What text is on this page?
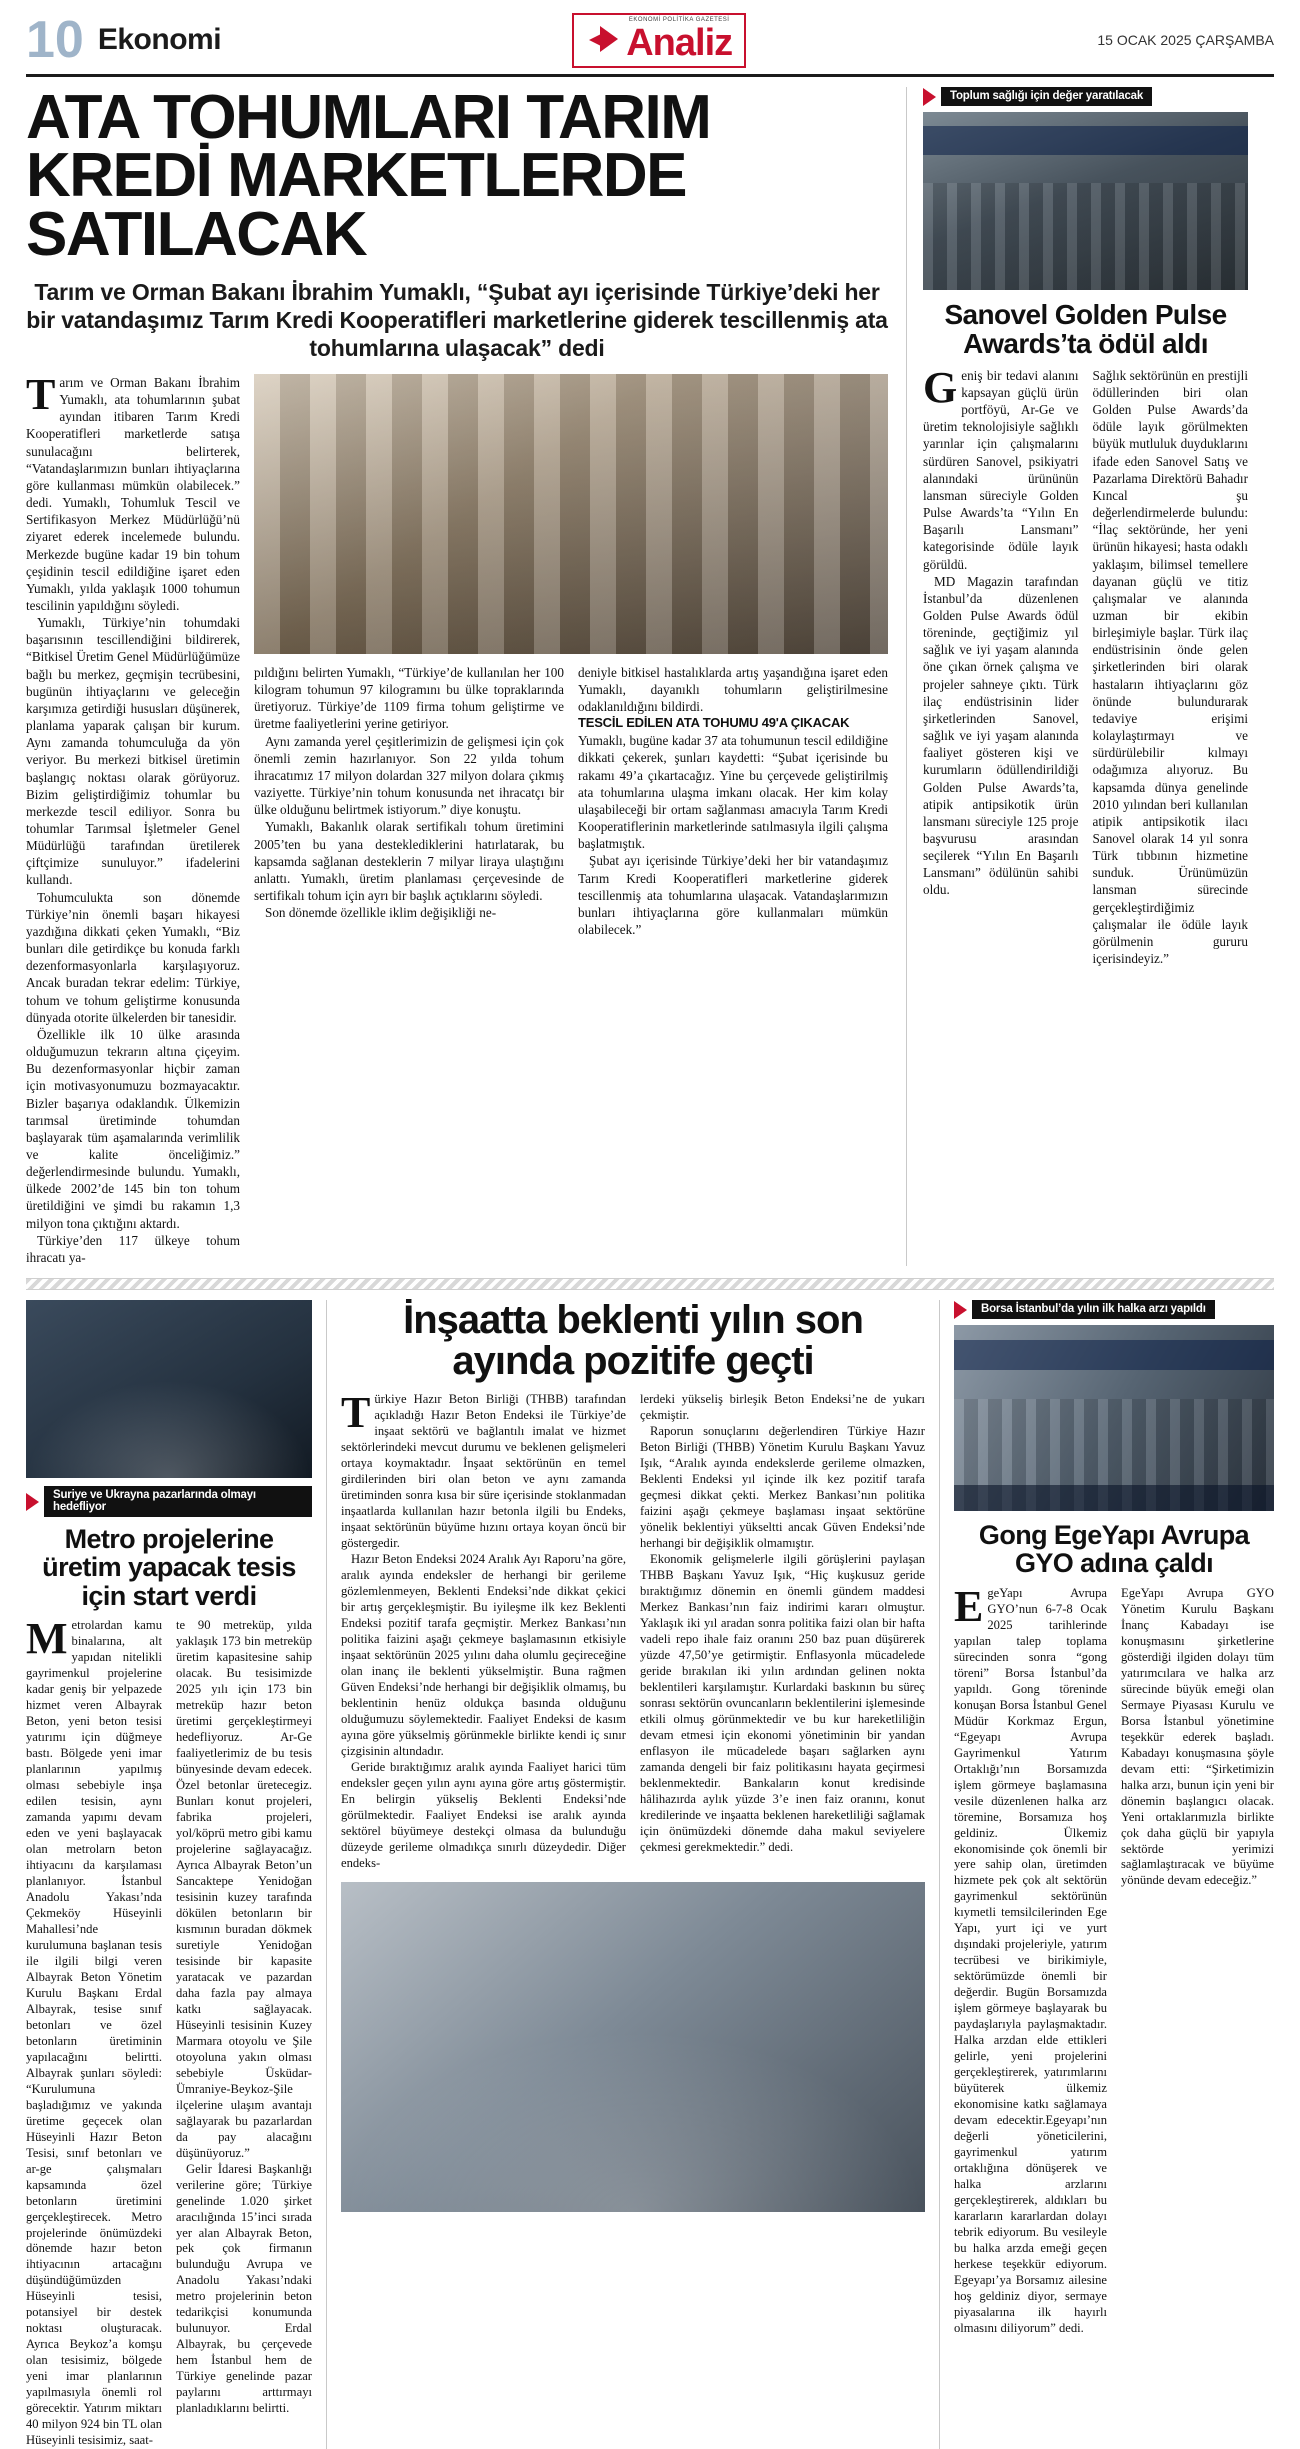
10 Ekonomi
EKONOMİ POLİTİKA GAZETESİ
Analiz	15 OCAK 2025 ÇARŞAMBA
ATA TOHUMLARI TARIM KREDİ MARKETLERDE SATILACAK
Tarım ve Orman Bakanı İbrahim Yumaklı, “Şubat ayı içerisinde Türkiye’deki her bir vatandaşımız Tarım Kredi Kooperatifleri marketlerine giderek tescillenmiş ata tohumlarına ulaşacak” dedi

Tarım ve Orman Bakanı İbrahim Yumaklı, ata tohumlarının şubat ayından itibaren Tarım Kredi Kooperatifleri marketlerde satışa sunulacağını belirterek, “Vatandaşlarımızın bunları ihtiyaçlarına göre kullanması mümkün olabilecek.” dedi. Yumaklı, Tohumluk Tescil ve Sertifikasyon Merkez Müdürlüğü’nü ziyaret ederek incelemede bulundu. Merkezde bugüne kadar 19 bin tohum çeşidinin tescil edildiğine işaret eden Yumaklı, yılda yaklaşık 1000 tohumun tescilinin yapıldığını söyledi.

Yumaklı, Türkiye’nin tohumdaki başarısının tescillendiğini bildirerek, “Bitkisel Üretim Genel Müdürlüğümüze bağlı bu merkez, geçmişin tecrübesini, bugünün ihtiyaçlarını ve geleceğin karşımıza getirdiği hususları düşünerek, planlama yaparak çalışan bir kurum. Aynı zamanda tohumculuğa da yön veriyor. Bu merkezi bitkisel üretimin başlangıç noktası olarak görüyoruz. Bizim geliştirdiğimiz tohumlar bu merkezde tescil ediliyor. Sonra bu tohumlar Tarımsal İşletmeler Genel Müdürlüğü tarafından üretilerek çiftçimize sunuluyor.” ifadelerini kullandı.

Tohumculukta son dönemde Türkiye’nin önemli başarı hikayesi yazdığına dikkati çeken Yumaklı, “Biz bunları dile getirdikçe bu konuda farklı dezenformasyonlarla karşılaşıyoruz. Ancak buradan tekrar edelim: Türkiye, tohum ve tohum geliştirme konusunda dünyada otorite ülkelerden bir tanesidir.

Özellikle ilk 10 ülke arasında olduğumuzun tekrarın altına çiçeyim. Bu dezenformasyonlar hiçbir zaman için motivasyonumuzu bozmayacaktır. Bizler başarıya odaklandık. Ülkemizin tarımsal üretiminde tohumdan başlayarak tüm aşamalarında verimlilik ve kalite önceliğimiz.” değerlendirmesinde bulundu. Yumaklı, ülkede 2002’de 145 bin ton tohum üretildiğini ve şimdi bu rakamın 1,3 milyon tona çıktığını aktardı.

Türkiye’den 117 ülkeye tohum ihracatı ya-

pıldığını belirten Yumaklı, “Türkiye’de kullanılan her 100 kilogram tohumun 97 kilogramını bu ülke topraklarında üretiyoruz. Türkiye’de 1109 firma tohum geliştirme ve üretme faaliyetlerini yerine getiriyor.

Aynı zamanda yerel çeşitlerimizin de gelişmesi için çok önemli zemin hazırlanıyor. Son 22 yılda tohum ihracatımız 17 milyon dolardan 327 milyon dolara çıkmış vaziyette. Türkiye’nin tohum konusunda net ihracatçı bir ülke olduğunu belirtmek istiyorum.” diye konuştu.

Yumaklı, Bakanlık olarak sertifikalı tohum üretimini 2005’ten bu yana desteklediklerini hatırlatarak, bu kapsamda sağlanan desteklerin 7 milyar liraya ulaştığını anlattı. Yumaklı, üretim planlaması çerçevesinde de sertifikalı tohum için ayrı bir başlık açtıklarını söyledi.

Son dönemde özellikle iklim değişikliği ne-

deniyle bitkisel hastalıklarda artış yaşandığına işaret eden Yumaklı, dayanıklı tohumların geliştirilmesine odaklanıldığını bildirdi.

TESCİL EDİLEN ATA TOHUMU 49'A ÇIKACAK

Yumaklı, bugüne kadar 37 ata tohumunun tescil edildiğine dikkati çekerek, şunları kaydetti: “Şubat içerisinde bu rakamı 49’a çıkartacağız. Yine bu çerçevede geliştirilmiş ata tohumlarına ulaşma imkanı olacak. Her kim kolay ulaşabileceği bir ortam sağlanması amacıyla Tarım Kredi Kooperatiflerinin marketlerinde satılmasıyla ilgili çalışma başlatmıştık.

Şubat ayı içerisinde Türkiye’deki her bir vatandaşımız Tarım Kredi Kooperatifleri marketlerine giderek tescillenmiş ata tohumlarına ulaşacak. Vatandaşlarımızın bunları ihtiyaçlarına göre kullanmaları mümkün olabilecek.”

Toplum sağlığı için değer yaratılacak
Sanovel Golden Pulse Awards’ta ödül aldı

Geniş bir tedavi alanını kapsayan güçlü ürün portföyü, Ar-Ge ve üretim teknolojisiyle sağlıklı yarınlar için çalışmalarını sürdüren Sanovel, psikiyatri alanındaki ürününün lansman süreciyle Golden Pulse Awards’ta “Yılın En Başarılı Lansmanı” kategorisinde ödüle layık görüldü.

MD Magazin tarafından İstanbul’da düzenlenen Golden Pulse Awards ödül töreninde, geçtiğimiz yıl sağlık ve iyi yaşam alanında öne çıkan örnek çalışma ve projeler sahneye çıktı. Türk ilaç endüstrisinin lider şirketlerinden Sanovel, sağlık ve iyi yaşam alanında faaliyet gösteren kişi ve kurumların ödüllendirildiği Golden Pulse Awards’ta, atipik antipsikotik ürün lansmanı süreciyle 125 proje başvurusu arasından seçilerek “Yılın En Başarılı Lansmanı” ödülünün sahibi oldu.

Sağlık sektörünün en prestijli ödüllerinden biri olan Golden Pulse Awards’da ödüle layık görülmekten büyük mutluluk duyduklarını ifade eden Sanovel Satış ve Pazarlama Direktörü Bahadır Kıncal şu değerlendirmelerde bulundu: “İlaç sektöründe, her yeni ürünün hikayesi; hasta odaklı yaklaşım, bilimsel temellere dayanan güçlü ve titiz çalışmalar ve alanında uzman bir ekibin birleşimiyle başlar. Türk ilaç endüstrisinin önde gelen şirketlerinden biri olarak hastaların ihtiyaçlarını göz önünde bulundurarak tedaviye erişimi kolaylaştırmayı ve sürdürülebilir kılmayı odağımıza alıyoruz. Bu kapsamda dünya genelinde 2010 yılından beri kullanılan atipik antipsikotik ilacı Sanovel olarak 14 yıl sonra Türk tıbbının hizmetine sunduk. Ürünümüzün lansman sürecinde gerçekleştirdiğimiz çalışmalar ile ödüle layık görülmenin gururu içerisindeyiz.”

Suriye ve Ukrayna pazarlarında olmayı hedefliyor
Metro projelerine üretim yapacak tesis için start verdi

Metrolardan kamu binalarına, alt yapıdan nitelikli gayrimenkul projelerine kadar geniş bir yelpazede hizmet veren Albayrak Beton, yeni beton tesisi yatırımı için düğmeye bastı. Bölgede yeni imar planlarının yapılmış olması sebebiyle inşa edilen tesisin, aynı zamanda yapımı devam eden ve yeni başlayacak olan metrolarn beton ihtiyacını da karşılaması planlanıyor. İstanbul Anadolu Yakası’nda Çekmeköy Hüseyinli Mahallesi’nde kurulumuna başlanan tesis ile ilgili bilgi veren Albayrak Beton Yönetim Kurulu Başkanı Erdal Albayrak, tesise sınıf betonları ve özel betonların üretiminin yapılacağını belirtti. Albayrak şunları söyledi: “Kurulumuna başladığımız ve yakında üretime geçecek olan Hüseyinli Hazır Beton Tesisi, sınıf betonları ve ar-ge çalışmaları kapsamında özel betonların üretimini gerçekleştirecek. Metro projelerinde önümüzdeki dönemde hazır beton ihtiyacının artacağını düşündüğümüzden Hüseyinli tesisi, potansiyel bir destek noktası oluşturacak. Ayrıca Beykoz’a komşu olan tesisimiz, bölgede yeni imar planlarının yapılmasıyla önemli rol görecektir. Yatırım miktarı 40 milyon 924 bin TL olan Hüseyinli tesisimiz, saat-

te 90 metreküp, yılda yaklaşık 173 bin metreküp üretim kapasitesine sahip olacak. Bu tesisimizde 2025 yılı için 173 bin metreküp hazır beton üretimi gerçekleştirmeyi hedefliyoruz. Ar-Ge faaliyetlerimiz de bu tesis bünyesinde devam edecek. Özel betonlar üretecegiz. Bunları konut projeleri, fabrika projeleri, yol/köprü metro gibi kamu projelerine sağlayacağız. Ayrıca Albayrak Beton’un Sancaktepe Yenidoğan tesisinin kuzey tarafında dökülen betonların bir kısmının buradan dökmek suretiyle Yenidoğan tesisinde bir kapasite yaratacak ve pazardan daha fazla pay almaya katkı sağlayacak. Hüseyinli tesisinin Kuzey Marmara otoyolu ve Şile otoyoluna yakın olması sebebiyle Üsküdar-Ümraniye-Beykoz-Şile ilçelerine ulaşım avantajı sağlayarak bu pazarlardan da pay alacağını düşünüyoruz.”

Gelir İdaresi Başkanlığı verilerine göre; Türkiye genelinde 1.020 şirket aracılığında 15’inci sırada yer alan Albayrak Beton, pek çok firmanın bulunduğu Avrupa ve Anadolu Yakası’ndaki metro projelerinin beton tedarikçisi konumunda bulunuyor. Erdal Albayrak, bu çerçevede hem İstanbul hem de Türkiye genelinde pazar paylarını arttırmayı planladıklarını belirtti.

İnşaatta beklenti yılın son ayında pozitife geçti

Türkiye Hazır Beton Birliği (THBB) tarafından açıkladığı Hazır Beton Endeksi ile Türkiye’de inşaat sektörü ve bağlantılı imalat ve hizmet sektörlerindeki mevcut durumu ve beklenen gelişmeleri ortaya koymaktadır. İnşaat sektörünün en temel girdilerinden biri olan beton ve aynı zamanda üretiminden sonra kısa bir süre içerisinde stoklanmadan inşaatlarda kullanılan hazır betonla ilgili bu Endeks, inşaat sektörünün büyüme hızını ortaya koyan öncü bir göstergedir.

Hazır Beton Endeksi 2024 Aralık Ayı Raporu’na göre, aralık ayında endeksler de herhangi bir gerileme gözlemlenmeyen, Beklenti Endeksi’nde dikkat çekici bir artış gerçekleşmiştir. Bu iyileşme ilk kez Beklenti Endeksi pozitif tarafa geçmiştir. Merkez Bankası’nın politika faizini aşağı çekmeye başlamasının etkisiyle inşaat sektörünün 2025 yılını daha olumlu geçireceğine olan inanç ile beklenti yükselmiştir. Buna rağmen Güven Endeksi’nde herhangi bir değişiklik olmamış, bu beklentinin henüz oldukça basında olduğunu olduğumuzu söylemektedir. Faaliyet Endeksi de kasım ayına göre yükselmiş görünmekle birlikte kendi iç sınır çizgisinin altındadır.

Geride bıraktığımız aralık ayında Faaliyet harici tüm endeksler geçen yılın aynı ayına göre artış göstermiştir. En belirgin yükseliş Beklenti Endeksi’nde görülmektedir. Faaliyet Endeksi ise aralık ayında sektörel büyümeye destekçi olmasa da bulunduğu düzeyde gerileme olmadıkça sınırlı düzeydedir. Diğer endeks-

lerdeki yükseliş birleşik Beton Endeksi’ne de yukarı çekmiştir.

Raporun sonuçlarını değerlendiren Türkiye Hazır Beton Birliği (THBB) Yönetim Kurulu Başkanı Yavuz Işık, “Aralık ayında endekslerde gerileme olmazken, Beklenti Endeksi yıl içinde ilk kez pozitif tarafa geçmesi dikkat çekti. Merkez Bankası’nın politika faizini aşağı çekmeye başlaması inşaat sektörüne yönelik beklentiyi yükseltti ancak Güven Endeksi’nde herhangi bir değişiklik olmamıştır.

Ekonomik gelişmelerle ilgili görüşlerini paylaşan THBB Başkanı Yavuz Işık, “Hiç kuşkusuz geride bıraktığımız dönemin en önemli gündem maddesi Merkez Bankası’nın faiz indirimi kararı olmuştur. Yaklaşık iki yıl aradan sonra politika faizi olan bir hafta vadeli repo ihale faiz oranını 250 baz puan düşürerek yüzde 47,50’ye getirmiştir. Enflasyonla mücadelede geride bırakılan iki yılın ardından gelinen nokta beklentileri karşılamıştır. Kurlardaki baskının bu süreç sonrası sektörün ovuncanların beklentilerini işlemesinde etkili olmuş görünmektedir ve bu kur hareketliliğin devam etmesi için ekonomi yönetiminin bir yandan enflasyon ile mücadelede başarı sağlarken aynı zamanda dengeli bir faiz politikasını hayata geçirmesi beklenmektedir. Bankaların konut kredisinde hâlihazırda aylık yüzde 3’e inen faiz oranını, konut kredilerinde ve inşaatta beklenen hareketliliği sağlamak için önümüzdeki dönemde daha makul seviyelere çekmesi gerekmektedir.” dedi.

Borsa İstanbul’da yılın ilk halka arzı yapıldı
Gong EgeYapı Avrupa GYO adına çaldı

EgeYapı Avrupa GYO’nun 6-7-8 Ocak 2025 tarihlerinde yapılan talep toplama sürecinden sonra “gong töreni” Borsa İstanbul’da yapıldı. Gong töreninde konuşan Borsa İstanbul Genel Müdür Korkmaz Ergun, “Egeyapı Avrupa Gayrimenkul Yatırım Ortaklığı’nın Borsamızda işlem görmeye başlamasına vesile düzenlenen halka arz töremine, Borsamıza hoş geldiniz. Ülkemiz ekonomisinde çok önemli bir yere sahip olan, üretimden hizmete pek çok alt sektörün gayrimenkul sektörünün kıymetli temsilcilerinden Ege Yapı, yurt içi ve yurt dışındaki projeleriyle, yatırım tecrübesi ve birikimiyle, sektörümüzde önemli bir değerdir. Bugün Borsamızda işlem görmeye başlayarak bu paydaşlarıyla paylaşmaktadır. Halka arzdan elde ettikleri gelirle, yeni projelerini gerçekleştirerek, yatırımlarını büyüterek ülkemiz ekonomisine katkı sağlamaya devam edecektir.Egeyapı’nın değerli yöneticilerini, gayrimenkul yatırım ortaklığına dönüşerek ve halka arzlarını gerçekleştirerek, aldıkları bu kararların kararlardan dolayı tebrik ediyorum. Bu vesileyle bu halka arzda emeği geçen herkese teşekkür ediyorum. Egeyapı’ya Borsamız ailesine hoş geldiniz diyor, sermaye piyasalarına ilk hayırlı olmasını diliyorum” dedi.

EgeYapı Avrupa GYO Yönetim Kurulu Başkanı İnanç Kabadayı ise konuşmasını şirketlerine gösterdiği ilgiden dolayı tüm yatırımcılara ve halka arz sürecinde büyük emeği olan Sermaye Piyasası Kurulu ve Borsa İstanbul yönetimine teşekkür ederek başladı. Kabadayı konuşmasına şöyle devam etti: “Şirketimizin halka arzı, bunun için yeni bir dönemin başlangıcı olacak. Yeni ortaklarımızla birlikte çok daha güçlü bir yapıyla sektörde yerimizi sağlamlaştıracak ve büyüme yönünde devam edeceğiz.”
